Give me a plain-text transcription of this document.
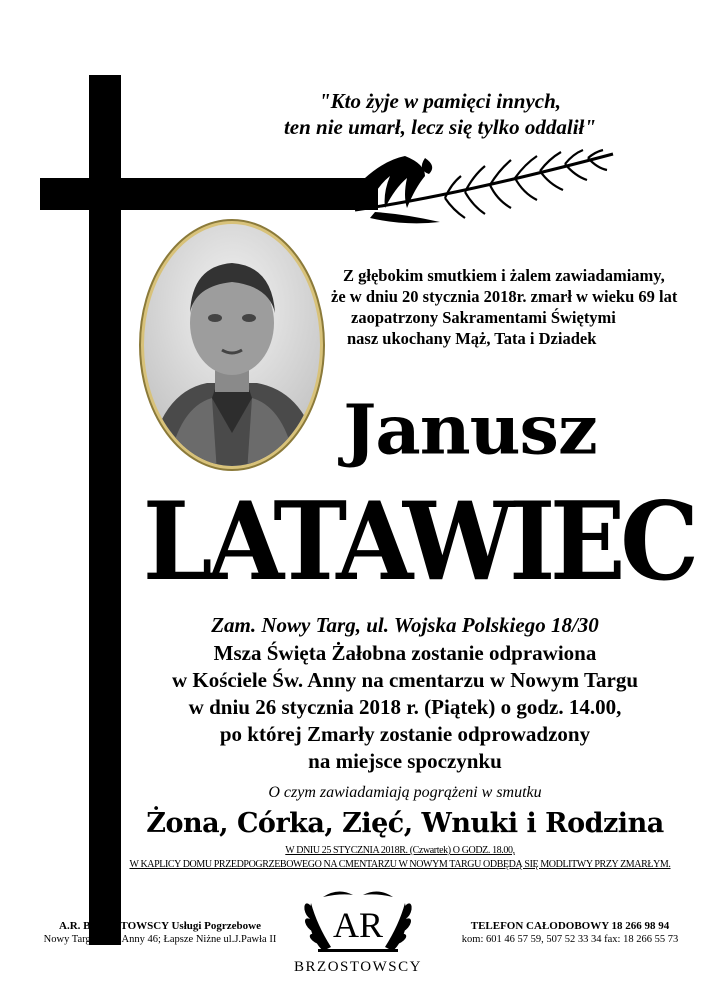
"Kto żyje w pamięci innych,
ten nie umarł, lecz się tylko oddalił"
Z głębokim smutkiem i żalem zawiadamiamy,
że w dniu 20 stycznia 2018r. zmarł w wieku 69 lat
zaopatrzony Sakramentami Świętymi
nasz ukochany Mąż, Tata i Dziadek
Janusz
LATAWIEC
Zam. Nowy Targ, ul. Wojska Polskiego 18/30
Msza Święta Żałobna zostanie odprawiona
w Kościele Św. Anny na cmentarzu w Nowym Targu
w dniu 26 stycznia 2018 r. (Piątek) o godz. 14.00,
po której Zmarły zostanie odprowadzony
na miejsce spoczynku
O czym zawiadamiają pogrążeni w smutku
Żona, Córka, Zięć, Wnuki i Rodzina
W DNIU 25 STYCZNIA 2018R. (Czwartek) O GODZ. 18.00,
W KAPLICY DOMU PRZEDPOGRZEBOWEGO NA CMENTARZU W NOWYM TARGU ODBĘDĄ SIĘ MODLITWY PRZY ZMARŁYM.
A.R. BRZOSTOWSCY Usługi Pogrzebowe
Nowy Targ ul.Św. Anny 46; Łapsze Niżne ul.J.Pawła II	AR
BRZOSTOWSCY
TELEFON CAŁODOBOWY 18 266 98 94
kom: 601 46 57 59, 507 52 33 34 fax: 18 266 55 73
